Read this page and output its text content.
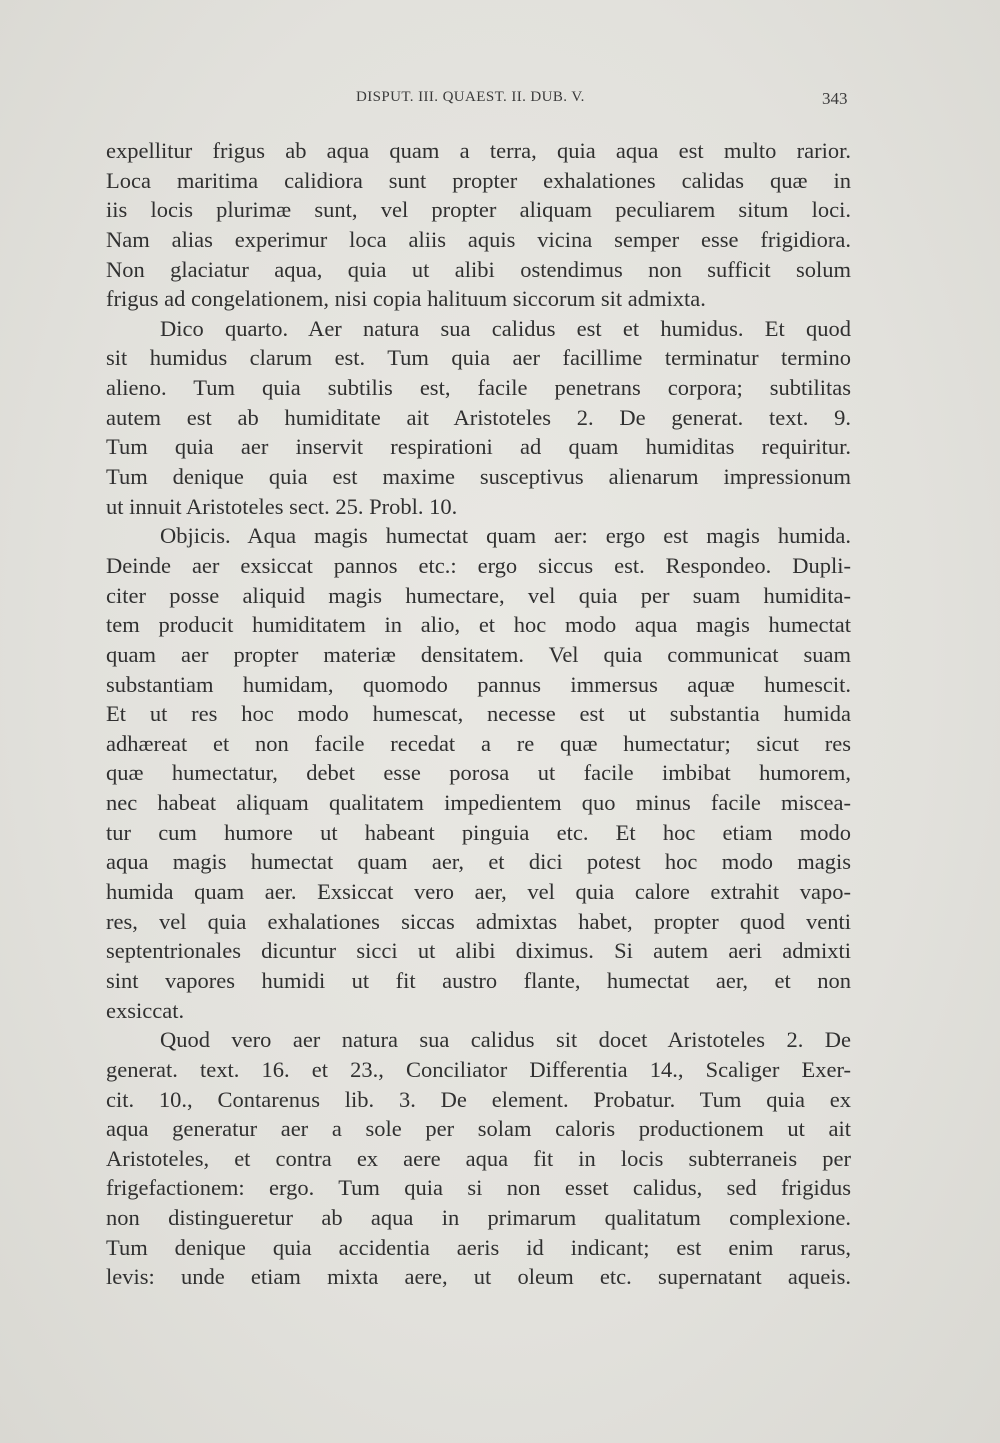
DISPUT. III. QUAEST. II. DUB. V.	343
expellitur frigus ab aqua quam a terra, quia aqua est multo rarior.
Loca maritima calidiora sunt propter exhalationes calidas quæ in
iis locis plurimæ sunt, vel propter aliquam peculiarem situm loci.
Nam alias experimur loca aliis aquis vicina semper esse frigidiora.
Non glaciatur aqua, quia ut alibi ostendimus non sufficit solum
frigus ad congelationem, nisi copia halituum siccorum sit admixta.
Dico quarto. Aer natura sua calidus est et humidus. Et quod
sit humidus clarum est. Tum quia aer facillime terminatur termino
alieno. Tum quia subtilis est, facile penetrans corpora; subtilitas
autem est ab humiditate ait Aristoteles 2. De generat. text. 9.
Tum quia aer inservit respirationi ad quam humiditas requiritur.
Tum denique quia est maxime susceptivus alienarum impressionum
ut innuit Aristoteles sect. 25. Probl. 10.
Objicis. Aqua magis humectat quam aer: ergo est magis humida.
Deinde aer exsiccat pannos etc.: ergo siccus est. Respondeo. Dupli-
citer posse aliquid magis humectare, vel quia per suam humidita-
tem producit humiditatem in alio, et hoc modo aqua magis humectat
quam aer propter materiæ densitatem. Vel quia communicat suam
substantiam humidam, quomodo pannus immersus aquæ humescit.
Et ut res hoc modo humescat, necesse est ut substantia humida
adhæreat et non facile recedat a re quæ humectatur; sicut res
quæ humectatur, debet esse porosa ut facile imbibat humorem,
nec habeat aliquam qualitatem impedientem quo minus facile miscea-
tur cum humore ut habeant pinguia etc. Et hoc etiam modo
aqua magis humectat quam aer, et dici potest hoc modo magis
humida quam aer. Exsiccat vero aer, vel quia calore extrahit vapo-
res, vel quia exhalationes siccas admixtas habet, propter quod venti
septentrionales dicuntur sicci ut alibi diximus. Si autem aeri admixti
sint vapores humidi ut fit austro flante, humectat aer, et non
exsiccat.
Quod vero aer natura sua calidus sit docet Aristoteles 2. De
generat. text. 16. et 23., Conciliator Differentia 14., Scaliger Exer-
cit. 10., Contarenus lib. 3. De element. Probatur. Tum quia ex
aqua generatur aer a sole per solam caloris productionem ut ait
Aristoteles, et contra ex aere aqua fit in locis subterraneis per
frigefactionem: ergo. Tum quia si non esset calidus, sed frigidus
non distingueretur ab aqua in primarum qualitatum complexione.
Tum denique quia accidentia aeris id indicant; est enim rarus,
levis: unde etiam mixta aere, ut oleum etc. supernatant aqueis.
